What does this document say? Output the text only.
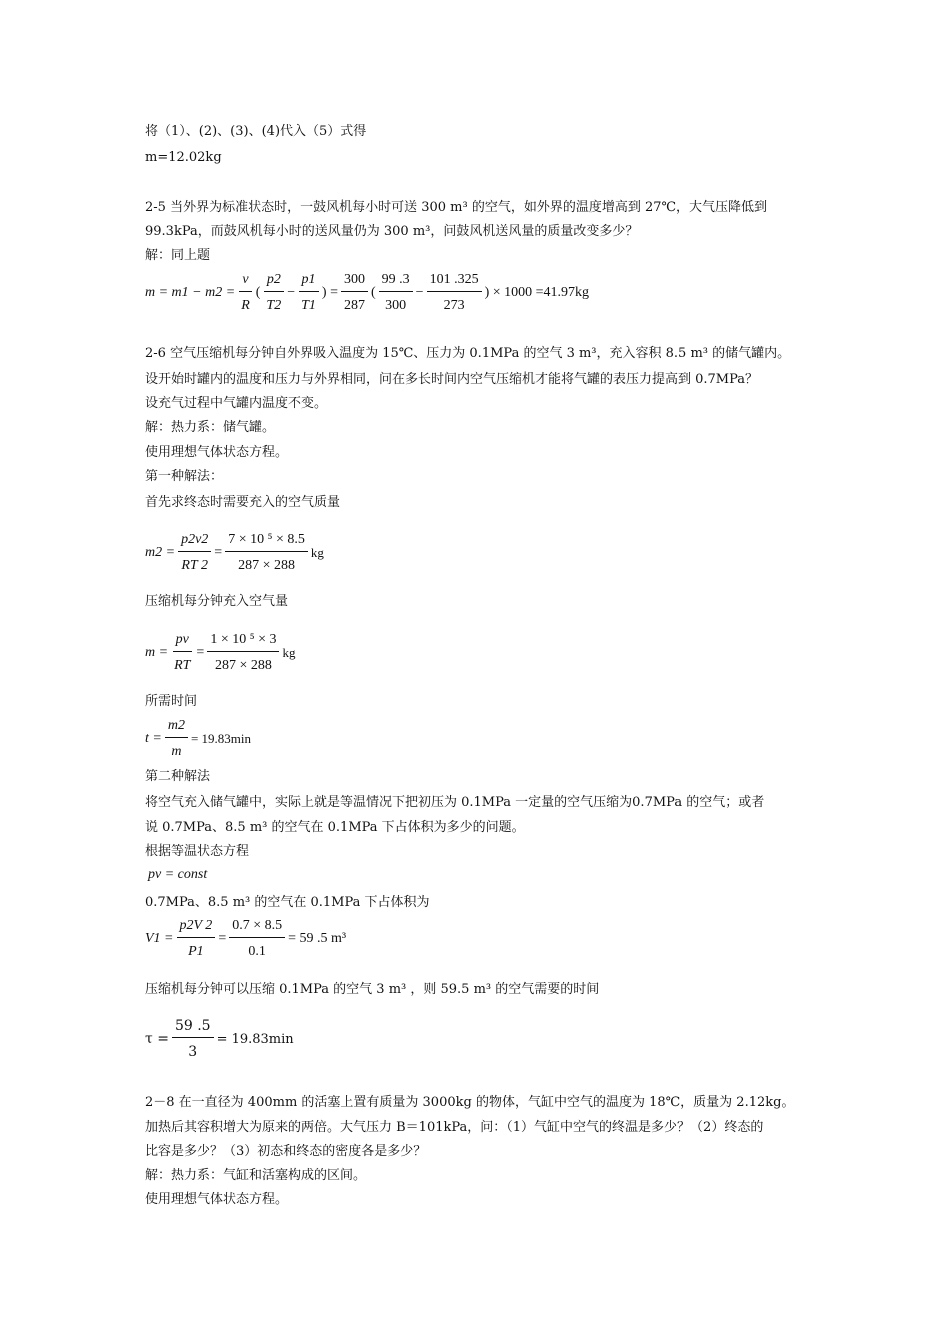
将（1）、(2)、(3)、(4)代入（5）式得
m=12.02kg
2-5 当外界为标准状态时，一鼓风机每小时可送 300 m³ 的空气，如外界的温度增高到 27℃，大气压降低到
99.3kPa，而鼓风机每小时的送风量仍为 300 m³，问鼓风机送风量的质量改变多少？
解：同上题
$m = m1 - m2 = \frac{v}{R}$ ( $\frac{p2}{T2} - \frac{p1}{T1}$ ) = $\frac{300}{287}$ ( $\frac{99 .3}{300} - \frac{101 .325}{273}$ ) × 1000 =41.97kg
2-6 空气压缩机每分钟自外界吸入温度为 15℃、压力为 0.1MPa 的空气 3 m³，充入容积 8.5 m³ 的储气罐内。
设开始时罐内的温度和压力与外界相同，问在多长时间内空气压缩机才能将气罐的表压力提高到 0.7MPa？
设充气过程中气罐内温度不变。
解：热力系：储气罐。
使用理想气体状态方程。
第一种解法：
首先求终态时需要充入的空气质量
$m2 = \frac{p2v2}{RT 2} = \frac{\text{7 × 10 ⁵ × 8.5}}{287 \times 288}$ kg
压缩机每分钟充入空气量
$m = \frac{pv}{RT} = \frac{\text{1 × 10 ⁵ × 3}}{287 \times 288}$ kg
所需时间
$t = \frac{m2}{m} = 19.83\min$
第二种解法
将空气充入储气罐中，实际上就是等温情况下把初压为 0.1MPa 一定量的空气压缩为0.7MPa 的空气；或者
说 0.7MPa、8.5 m³ 的空气在 0.1MPa 下占体积为多少的问题。
根据等温状态方程
pv = const
0.7MPa、8.5 m³ 的空气在 0.1MPa 下占体积为
$V1 = \frac{p2V 2}{P1} = \frac{0.7 \times 8.5}{0.1} = 59$ .5 m³
压缩机每分钟可以压缩 0.1MPa 的空气 3 m³ ，则 59.5 m³ 的空气需要的时间
$\tau = \frac{59 .5}{3} = 19.83\min$
2－8 在一直径为 400mm 的活塞上置有质量为 3000kg 的物体，气缸中空气的温度为 18℃，质量为 2.12kg。
加热后其容积增大为原来的两倍。大气压力 B＝101kPa，问：（1）气缸中空气的终温是多少？（2）终态的
比容是多少？（3）初态和终态的密度各是多少？
解：热力系：气缸和活塞构成的区间。
使用理想气体状态方程。
